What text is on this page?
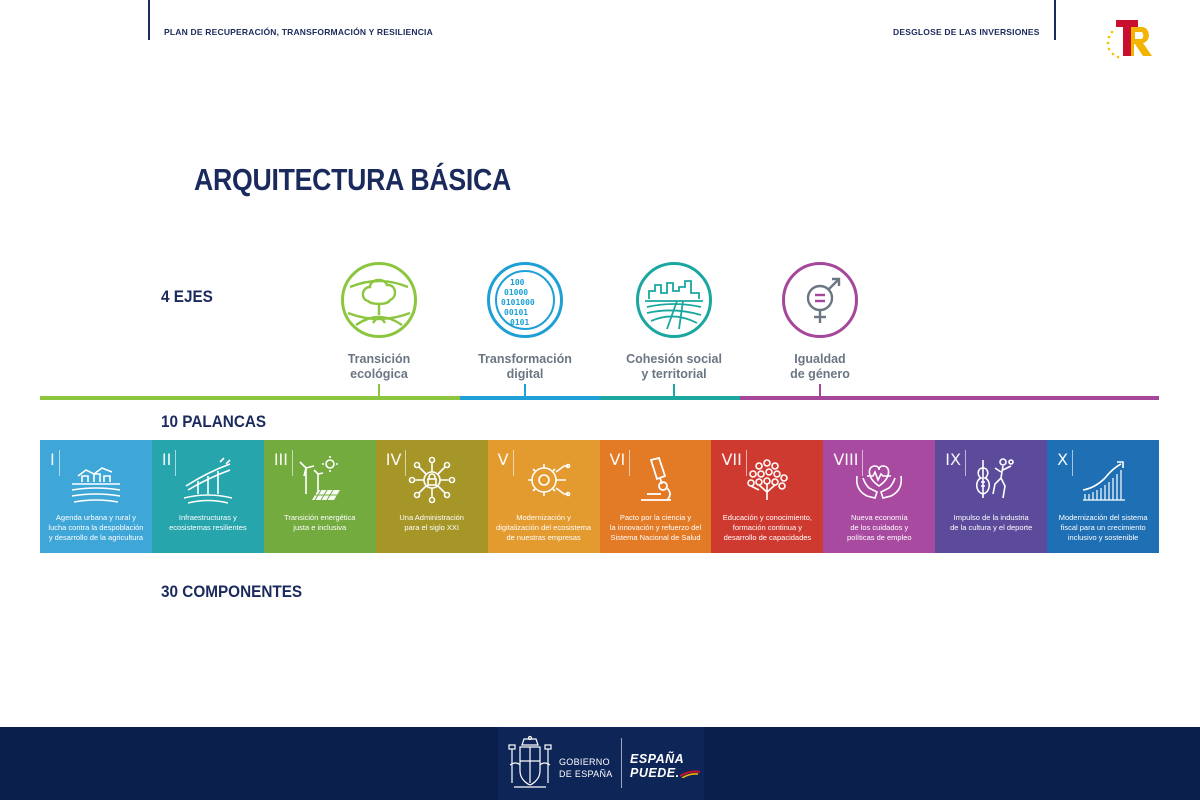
PLAN DE RECUPERACIÓN, TRANSFORMACIÓN Y RESILIENCIA	DESGLOSE DE LAS INVERSIONES
ARQUITECTURA BÁSICA
4 EJES
10 PALANCAS
30 COMPONENTES
Transición
ecológica
100
01000
0101000
00101
0101
Transformación
digital
Cohesión social
y territorial
Igualdad
de género
I
Agenda urbana y rural y
lucha contra la despoblación
y desarrollo de la agricultura
II
Infraestructuras y
ecosistemas resilientes
III
Transición energética
justa e inclusiva
IV
Una Administración
para el siglo XXI
V
Modernización y
digitalización del ecosistema
de nuestras empresas
VI
Pacto por la ciencia y
la innovación y refuerzo del
Sistema Nacional de Salud
VII
Educación y conocimiento,
formación continua y
desarrollo de capacidades
VIII
Nueva economía
de los cuidados y
políticas de empleo
IX
Impulso de la industria
de la cultura y el deporte
X
Modernización del sistema
fiscal para un crecimiento
inclusivo y sostenible
GOBIERNO
DE ESPAÑA
ESPAÑA
PUEDE.
